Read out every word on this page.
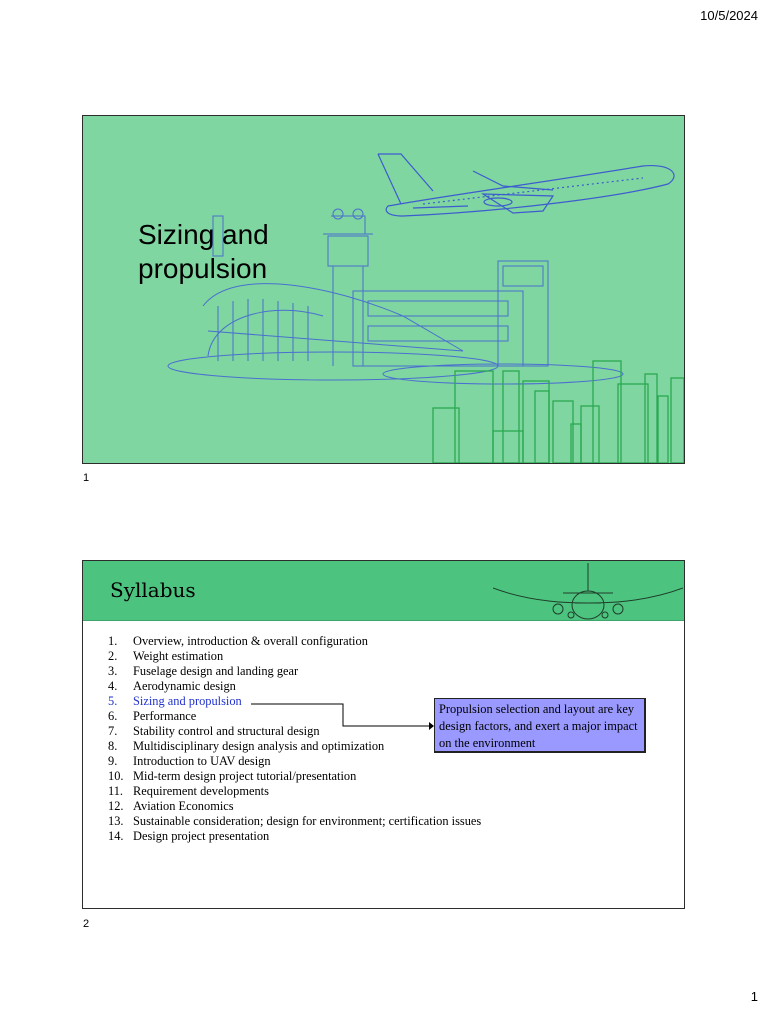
10/5/2024
Sizing and propulsion
1
Syllabus
1.	Overview, introduction & overall configuration
2.	Weight estimation
3.	Fuselage design and landing gear
4.	Aerodynamic design
5.	Sizing and propulsion
6.	Performance
7.	Stability control and structural design
8.	Multidisciplinary design analysis and optimization
9.	Introduction to UAV design
10. Mid-term design project tutorial/presentation
11. Requirement developments
12. Aviation Economics
13. Sustainable consideration; design for environment; certification issues
14. Design project presentation
Propulsion selection and layout are key design factors, and exert a major impact on the environment
2
1
